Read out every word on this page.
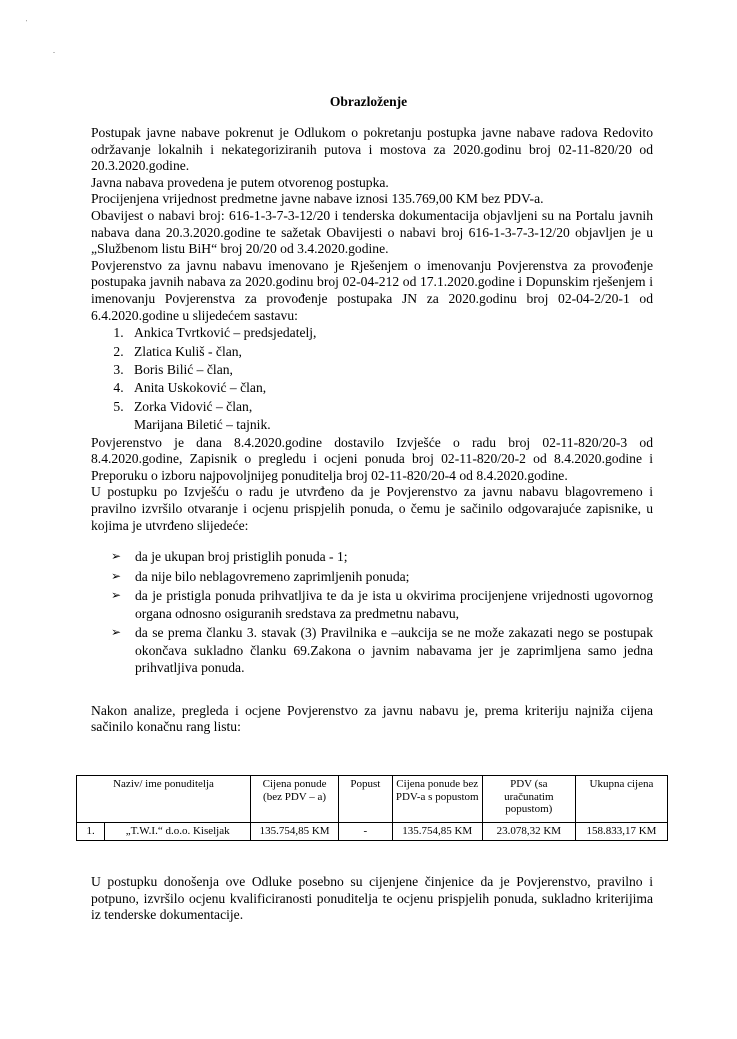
'
-
Obrazloženje

Postupak javne nabave pokrenut je Odlukom o pokretanju postupka javne nabave radova Redovito održavanje lokalnih i nekategoriziranih putova i mostova za 2020.godinu broj 02-11-820/20 od 20.3.2020.godine.

Javna nabava provedena je putem otvorenog postupka.

Procijenjena vrijednost predmetne javne nabave iznosi 135.769,00 KM bez PDV-a.

Obavijest o nabavi broj: 616-1-3-7-3-12/20 i tenderska dokumentacija objavljeni su na Portalu javnih nabava dana 20.3.2020.godine te sažetak Obavijesti o nabavi broj 616-1-3-7-3-12/20 objavljen je u „Službenom listu BiH“ broj 20/20 od 3.4.2020.godine.

Povjerenstvo za javnu nabavu imenovano je Rješenjem o imenovanju Povjerenstva za provođenje postupaka javnih nabava za 2020.godinu broj 02-04-212 od 17.1.2020.godine i Dopunskim rješenjem i imenovanju Povjerenstva za provođenje postupaka JN za 2020.godinu broj 02-04-2/20-1 od 6.4.2020.godine u slijedećem sastavu:

1. Ankica Tvrtković – predsjedatelj,
2. Zlatica Kuliš - član,
3. Boris Bilić – član,
4. Anita Uskoković – član,
5. Zorka Vidović – član,
Marijana Biletić – tajnik.

Povjerenstvo je dana 8.4.2020.godine dostavilo Izvješće o radu broj 02-11-820/20-3 od 8.4.2020.godine, Zapisnik o pregledu i ocjeni ponuda broj 02-11-820/20-2 od 8.4.2020.godine i Preporuku o izboru najpovoljnijeg ponuditelja broj 02-11-820/20-4 od 8.4.2020.godine.

U postupku po Izvješću o radu je utvrđeno da je Povjerenstvo za javnu nabavu blagovremeno i pravilno izvršilo otvaranje i ocjenu prispjelih ponuda, o čemu je sačinilo odgovarajuće zapisnike, u kojima je utvrđeno slijedeće:

➢ da je ukupan broj pristiglih ponuda - 1;
➢ da nije bilo neblagovremeno zaprimljenih ponuda;
➢ da je pristigla ponuda prihvatljiva te da je ista u okvirima procijenjene vrijednosti ugovornog organa odnosno osiguranih sredstava za predmetnu nabavu,
➢ da se prema članku 3. stavak (3) Pravilnika e –aukcija se ne može zakazati nego se postupak okončava sukladno članku 69.Zakona o javnim nabavama jer je zaprimljena samo jedna prihvatljiva ponuda.

Nakon analize, pregleda i ocjene Povjerenstvo za javnu nabavu je, prema kriteriju najniža cijena sačinilo konačnu rang listu:

Naziv/ ime ponuditelja		Cijena ponude (bez PDV – a)	Popust	Cijena ponude bez PDV-a s popustom	PDV (sa uračunatim popustom)	Ukupna cijena
1.	„T.W.I.“ d.o.o. Kiseljak	135.754,85 KM	-	135.754,85 KM	23.078,32 KM	158.833,17 KM

U postupku donošenja ove Odluke posebno su cijenjene činjenice da je Povjerenstvo, pravilno i potpuno, izvršilo ocjenu kvalificiranosti ponuditelja te ocjenu prispjelih ponuda, sukladno kriterijima iz tenderske dokumentacije.
